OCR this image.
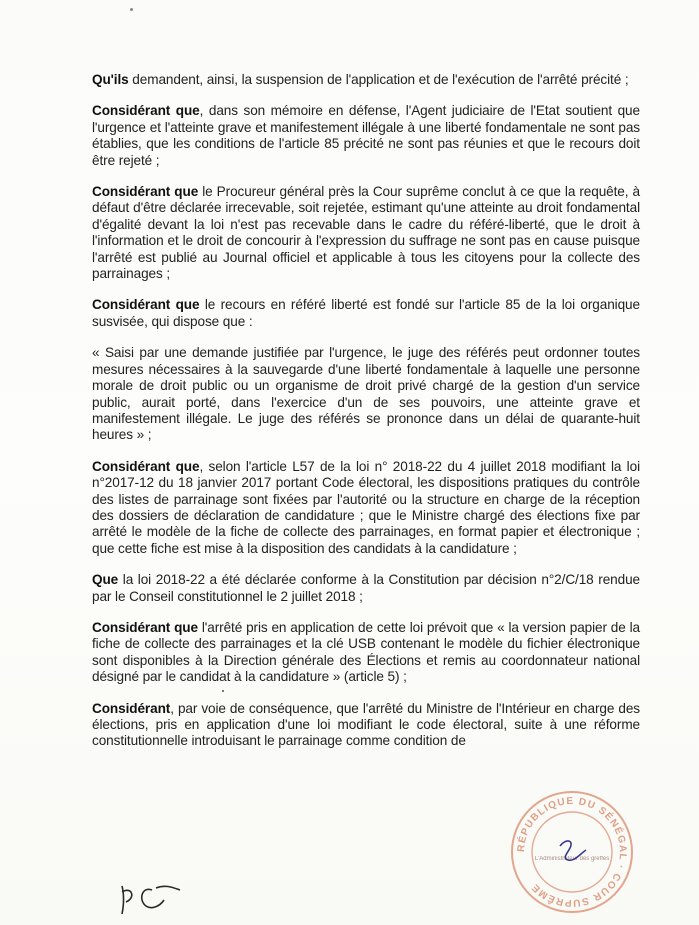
Qu'ils demandent, ainsi, la suspension de l'application et de l'exécution de l'arrêté précité ;

Considérant que, dans son mémoire en défense, l'Agent judiciaire de l'Etat soutient que l'urgence et l'atteinte grave et manifestement illégale à une liberté fondamentale ne sont pas établies, que les conditions de l'article 85 précité ne sont pas réunies et que le recours doit être rejeté ;

Considérant que le Procureur général près la Cour suprême conclut à ce que la requête, à défaut d'être déclarée irrecevable, soit rejetée, estimant qu'une atteinte au droit fondamental d'égalité devant la loi n'est pas recevable dans le cadre du référé-liberté, que le droit à l'information et le droit de concourir à l'expression du suffrage ne sont pas en cause puisque l'arrêté est publié au Journal officiel et applicable à tous les citoyens pour la collecte des parrainages ;

Considérant que le recours en référé liberté est fondé sur l'article 85 de la loi organique susvisée, qui dispose que :

« Saisi par une demande justifiée par l'urgence, le juge des référés peut ordonner toutes mesures nécessaires à la sauvegarde d'une liberté fondamentale à laquelle une personne morale de droit public ou un organisme de droit privé chargé de la gestion d'un service public, aurait porté, dans l'exercice d'un de ses pouvoirs, une atteinte grave et manifestement illégale. Le juge des référés se prononce dans un délai de quarante-huit heures » ;

Considérant que, selon l'article L57 de la loi n° 2018-22 du 4 juillet 2018 modifiant la loi n°2017-12 du 18 janvier 2017 portant Code électoral, les dispositions pratiques du contrôle des listes de parrainage sont fixées par l'autorité ou la structure en charge de la réception des dossiers de déclaration de candidature ; que le Ministre chargé des élections fixe par arrêté le modèle de la fiche de collecte des parrainages, en format papier et électronique ; que cette fiche est mise à la disposition des candidats à la candidature ;

Que la loi 2018-22 a été déclarée conforme à la Constitution par décision n°2/C/18 rendue par le Conseil constitutionnel le 2 juillet 2018 ;

Considérant que l'arrêté pris en application de cette loi prévoit que « la version papier de la fiche de collecte des parrainages et la clé USB contenant le modèle du fichier électronique sont disponibles à la Direction générale des Élections et remis au coordonnateur national désigné par le candidat à la candidature » (article 5) ;

Considérant, par voie de conséquence, que l'arrêté du Ministre de l'Intérieur en charge des élections, pris en application d'une loi modifiant le code électoral, suite à une réforme constitutionnelle introduisant le parrainage comme condition de

RÉPUBLIQUE DU SÉNÉGAL · COUR SUPRÊME
L'Administrateur des greffes
